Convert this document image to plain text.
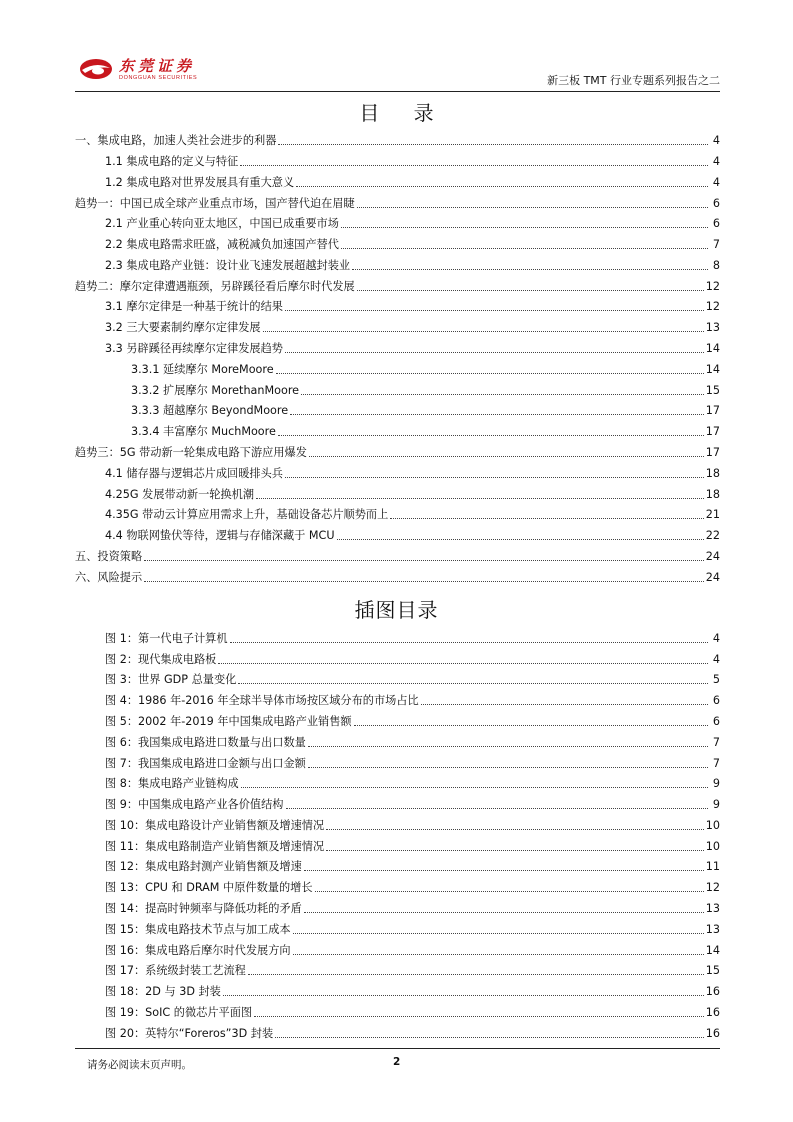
东莞证券
DONGGUAN SECURITIES	新三板 TMT 行业专题系列报告之二
目 录
一、集成电路，加速人类社会进步的利器	4
1.1 集成电路的定义与特征	4
1.2 集成电路对世界发展具有重大意义	4
趋势一：中国已成全球产业重点市场，国产替代迫在眉睫	6
2.1 产业重心转向亚太地区，中国已成重要市场	6
2.2 集成电路需求旺盛，减税减负加速国产替代	7
2.3 集成电路产业链：设计业飞速发展超越封装业	8
趋势二：摩尔定律遭遇瓶颈，另辟蹊径看后摩尔时代发展	12
3.1 摩尔定律是一种基于统计的结果	12
3.2 三大要素制约摩尔定律发展	13
3.3 另辟蹊径再续摩尔定律发展趋势	14
3.3.1 延续摩尔 MoreMoore	14
3.3.2 扩展摩尔 MorethanMoore	15
3.3.3 超越摩尔 BeyondMoore	17
3.3.4 丰富摩尔 MuchMoore	17
趋势三：5G 带动新一轮集成电路下游应用爆发	17
4.1 储存器与逻辑芯片成回暖排头兵	18
4.25G 发展带动新一轮换机潮	18
4.35G 带动云计算应用需求上升，基础设备芯片顺势而上	21
4.4 物联网蛰伏等待，逻辑与存储深藏于 MCU	22
五、投资策略	24
六、风险提示	24
插图目录
图 1：第一代电子计算机	4
图 2：现代集成电路板	4
图 3：世界 GDP 总量变化	5
图 4：1986 年-2016 年全球半导体市场按区域分布的市场占比	6
图 5：2002 年-2019 年中国集成电路产业销售额	6
图 6：我国集成电路进口数量与出口数量	7
图 7：我国集成电路进口金额与出口金额	7
图 8：集成电路产业链构成	9
图 9：中国集成电路产业各价值结构	9
图 10：集成电路设计产业销售额及增速情况	10
图 11：集成电路制造产业销售额及增速情况	10
图 12：集成电路封测产业销售额及增速	11
图 13：CPU 和 DRAM 中原件数量的增长	12
图 14：提高时钟频率与降低功耗的矛盾	13
图 15：集成电路技术节点与加工成本	13
图 16：集成电路后摩尔时代发展方向	14
图 17：系统级封装工艺流程	15
图 18：2D 与 3D 封装	16
图 19：SoIC 的微芯片平面图	16
图 20：英特尔“Foreros”3D 封装	16
请务必阅读末页声明。	2
